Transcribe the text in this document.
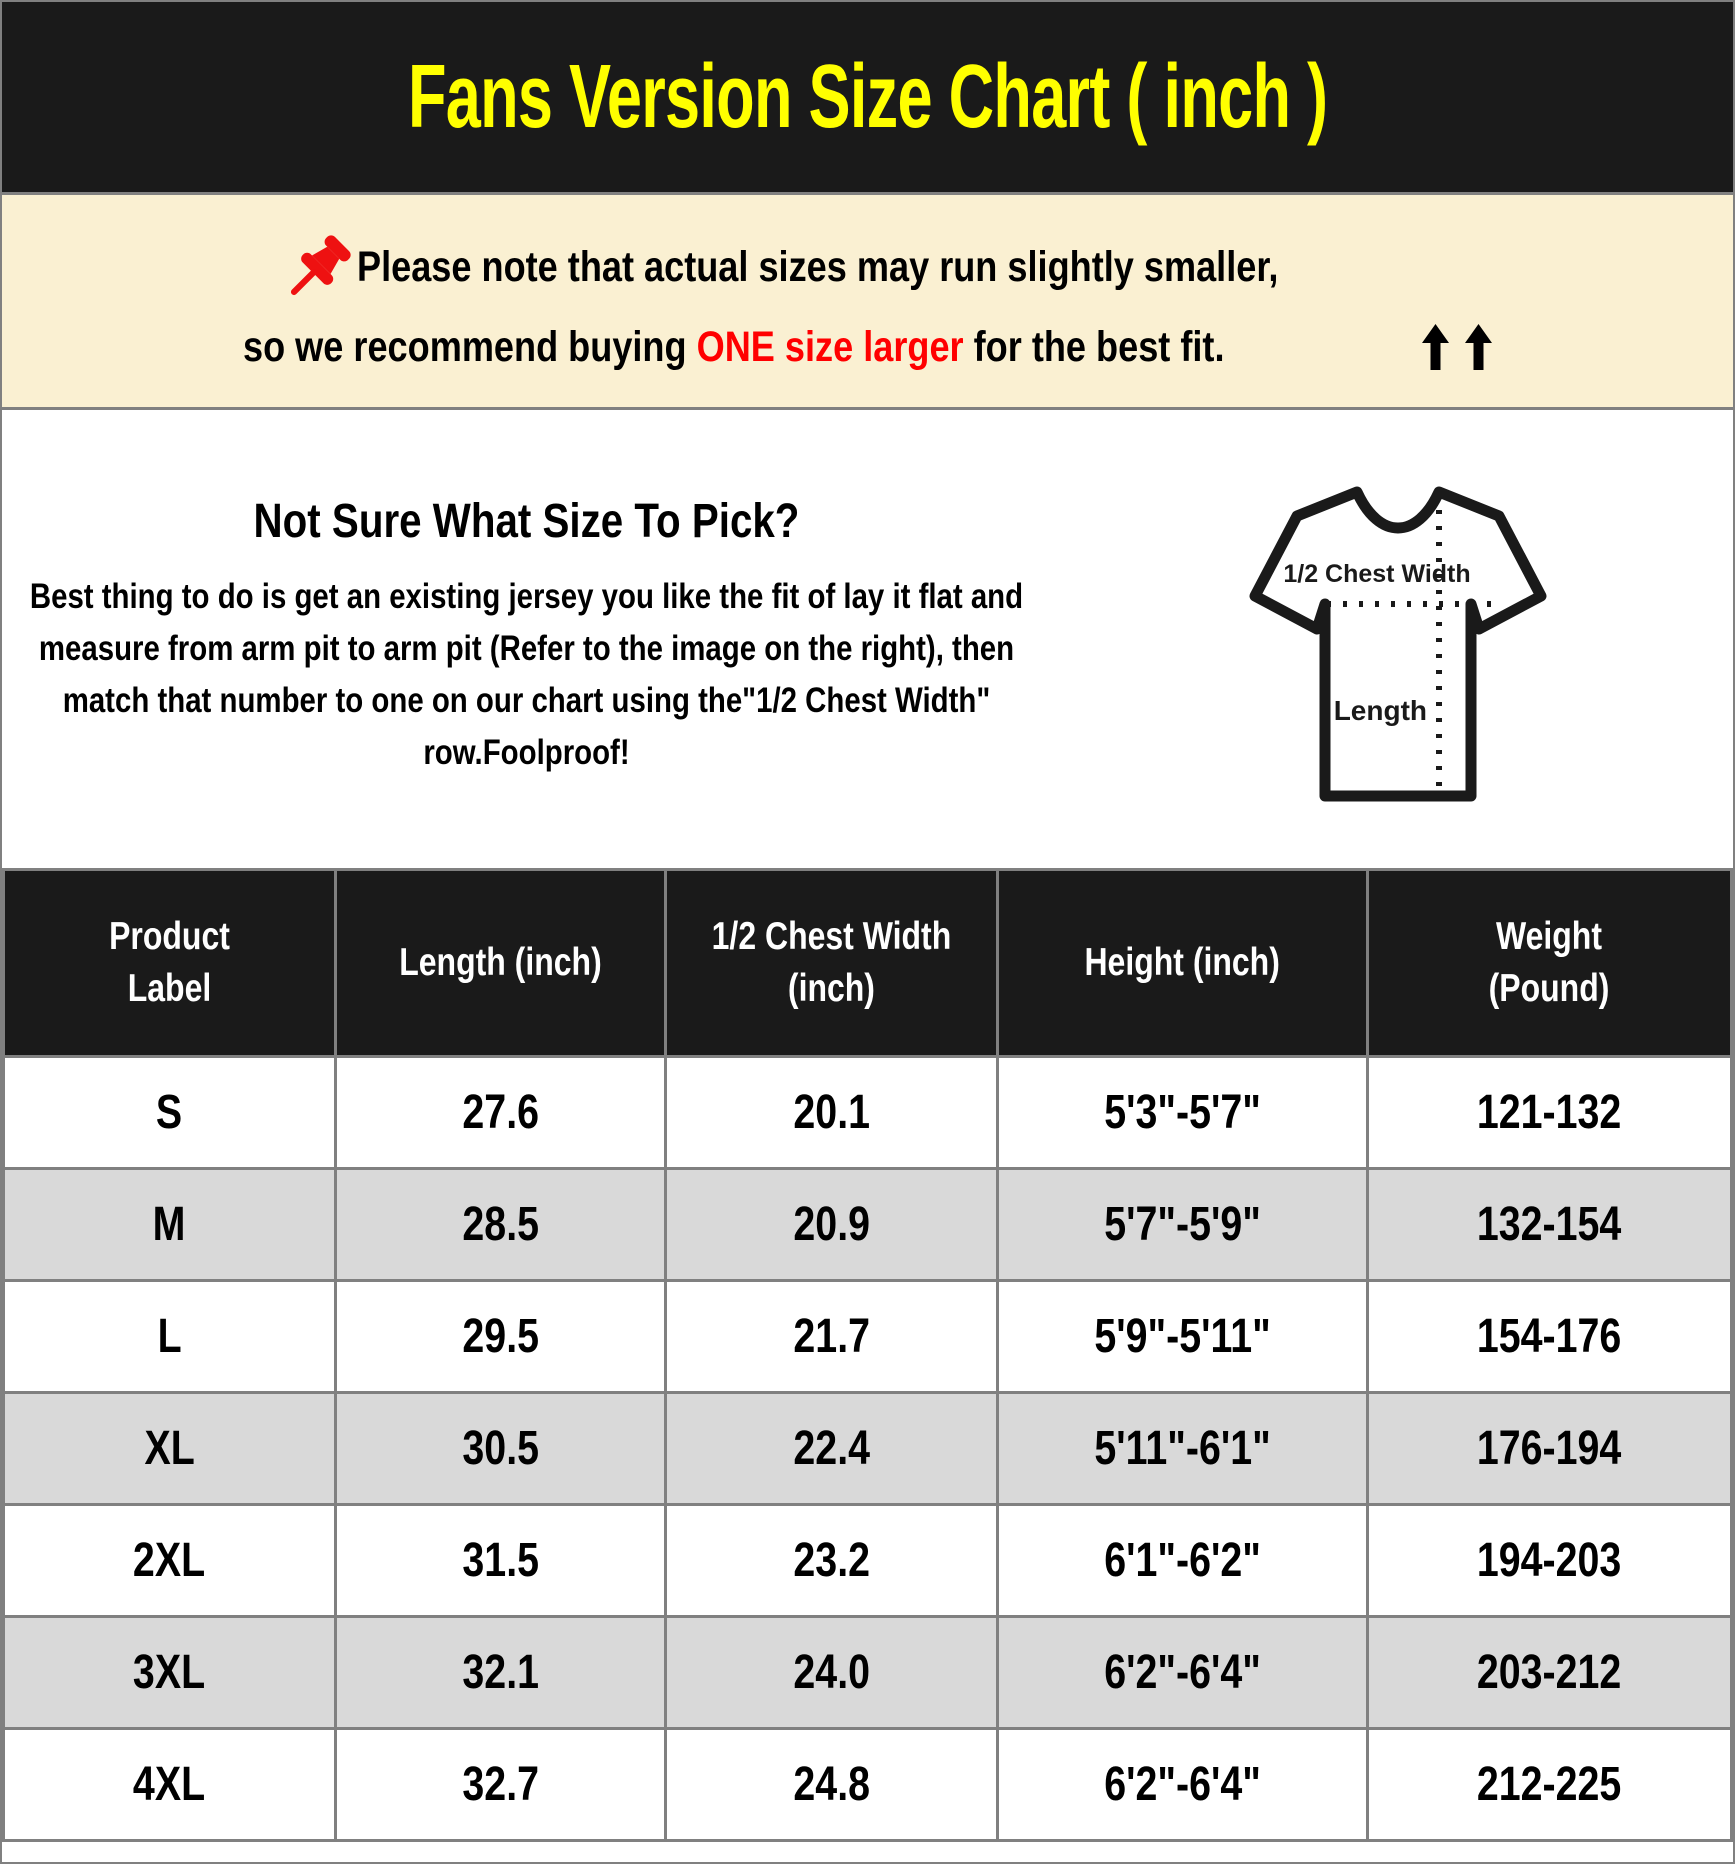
Fans Version Size Chart ( inch )
Please note that actual sizes may run slightly smaller,
so we recommend buying ONE size larger for the best fit.
Not Sure What Size To Pick?

Best thing to do is get an existing jersey you like the fit of lay it flat and measure from arm pit to arm pit (Refer to the image on the right), then match that number to one on our chart using the"1/2 Chest Width" row.Foolproof!

1/2 Chest Width
Length
Product Label	Length (inch)	1/2 Chest Width (inch)	Height (inch)	Weight (Pound)
S	27.6	20.1	5'3"-5'7"	121-132
M	28.5	20.9	5'7"-5'9"	132-154
L	29.5	21.7	5'9"-5'11"	154-176
XL	30.5	22.4	5'11"-6'1"	176-194
2XL	31.5	23.2	6'1"-6'2"	194-203
3XL	32.1	24.0	6'2"-6'4"	203-212
4XL	32.7	24.8	6'2"-6'4"	212-225
